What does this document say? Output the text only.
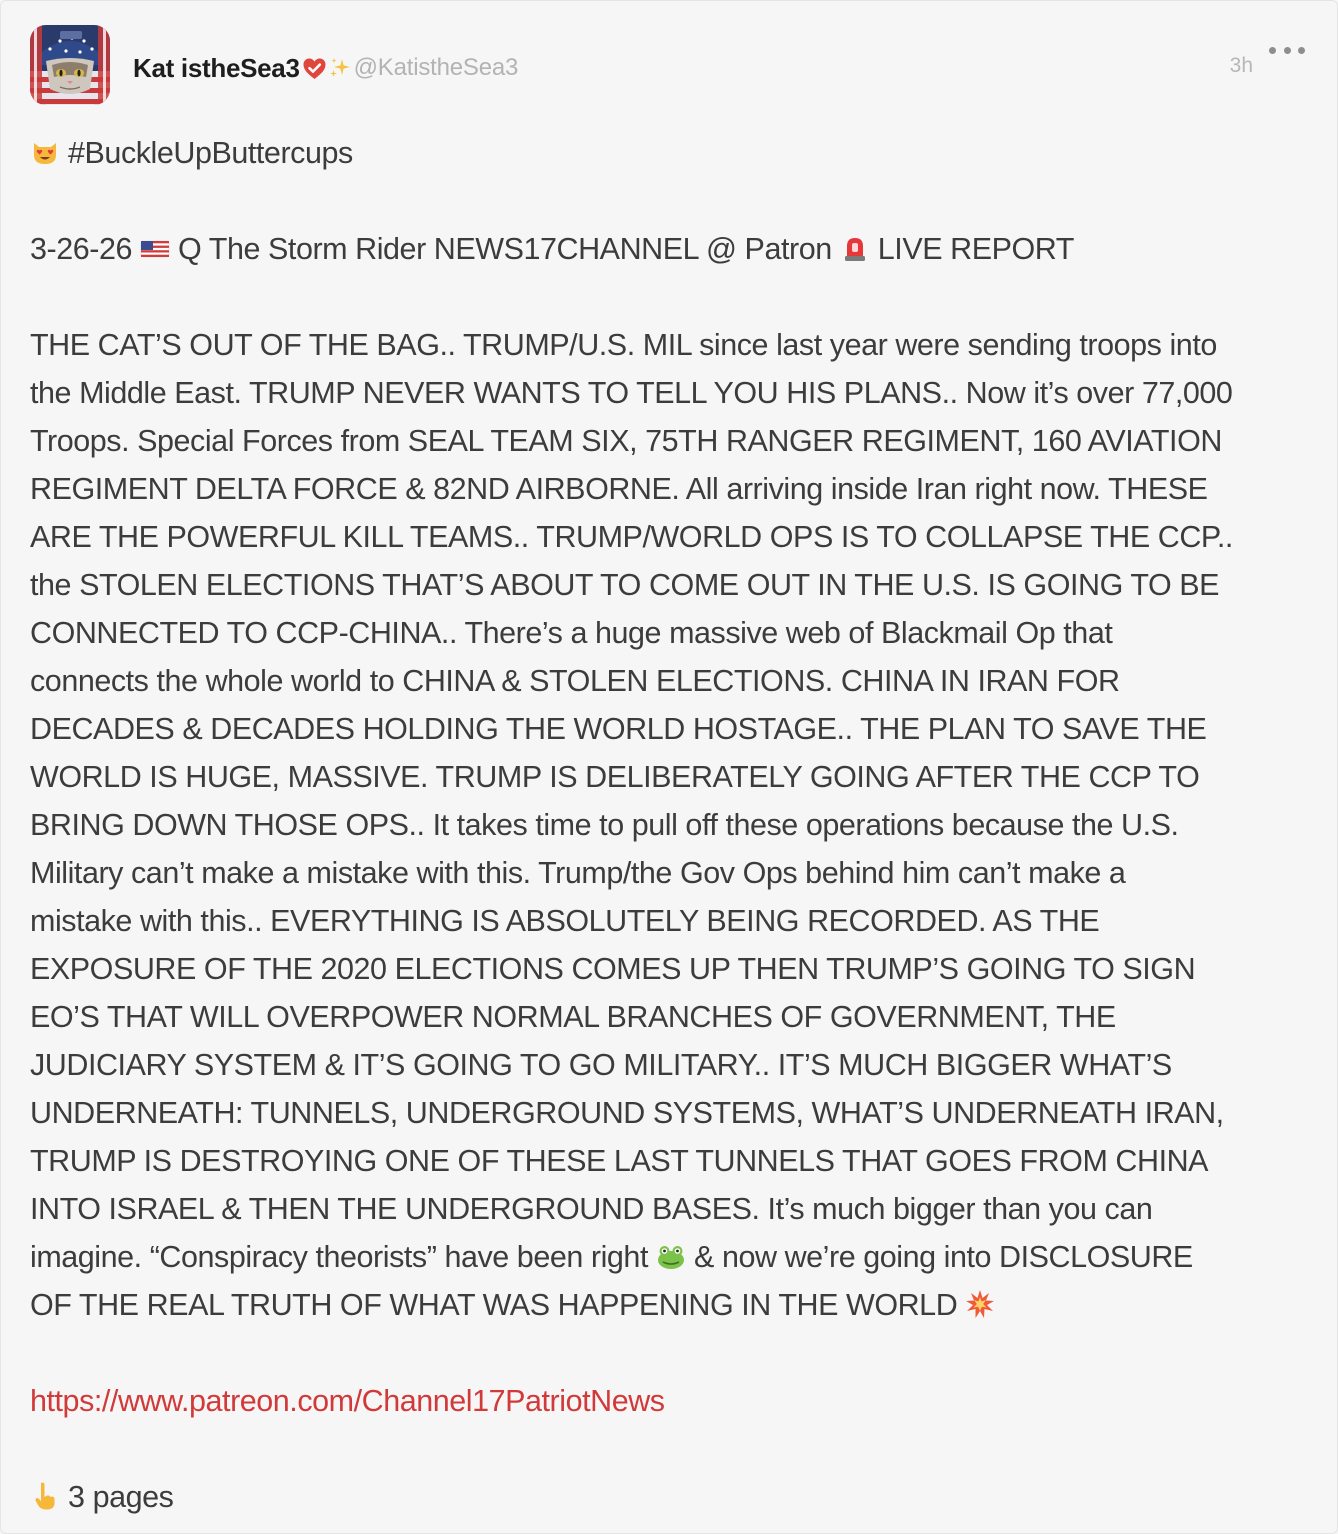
Kat istheSea3 @KatistheSea3	3h
#BuckleUpButtercups
3-26-26 Q The Storm Rider NEWS17CHANNEL @ Patron LIVE REPORT
THE CAT’S OUT OF THE BAG.. TRUMP/U.S. MIL since last year were sending troops into
the Middle East. TRUMP NEVER WANTS TO TELL YOU HIS PLANS.. Now it’s over 77,000
Troops. Special Forces from SEAL TEAM SIX, 75TH RANGER REGIMENT, 160 AVIATION
REGIMENT DELTA FORCE & 82ND AIRBORNE. All arriving inside Iran right now. THESE
ARE THE POWERFUL KILL TEAMS.. TRUMP/WORLD OPS IS TO COLLAPSE THE CCP..
the STOLEN ELECTIONS THAT’S ABOUT TO COME OUT IN THE U.S. IS GOING TO BE
CONNECTED TO CCP-CHINA.. There’s a huge massive web of Blackmail Op that
connects the whole world to CHINA & STOLEN ELECTIONS. CHINA IN IRAN FOR
DECADES & DECADES HOLDING THE WORLD HOSTAGE.. THE PLAN TO SAVE THE
WORLD IS HUGE, MASSIVE. TRUMP IS DELIBERATELY GOING AFTER THE CCP TO
BRING DOWN THOSE OPS.. It takes time to pull off these operations because the U.S.
Military can’t make a mistake with this. Trump/the Gov Ops behind him can’t make a
mistake with this.. EVERYTHING IS ABSOLUTELY BEING RECORDED. AS THE
EXPOSURE OF THE 2020 ELECTIONS COMES UP THEN TRUMP’S GOING TO SIGN
EO’S THAT WILL OVERPOWER NORMAL BRANCHES OF GOVERNMENT, THE
JUDICIARY SYSTEM & IT’S GOING TO GO MILITARY.. IT’S MUCH BIGGER WHAT’S
UNDERNEATH: TUNNELS, UNDERGROUND SYSTEMS, WHAT’S UNDERNEATH IRAN,
TRUMP IS DESTROYING ONE OF THESE LAST TUNNELS THAT GOES FROM CHINA
INTO ISRAEL & THEN THE UNDERGROUND BASES. It’s much bigger than you can
imagine. “Conspiracy theorists” have been right & now we’re going into DISCLOSURE
OF THE REAL TRUTH OF WHAT WAS HAPPENING IN THE WORLD
https://www.patreon.com/Channel17PatriotNews
3 pages
